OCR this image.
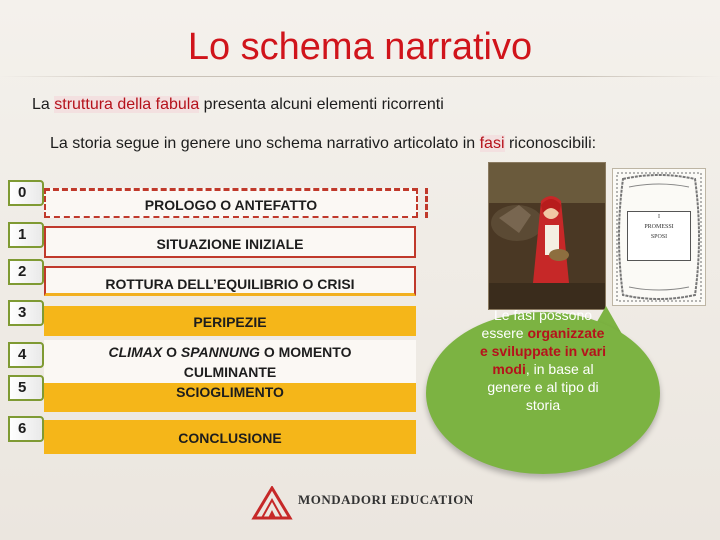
Lo schema narrativo
La struttura della fabula presenta alcuni elementi ricorrenti
La storia segue in genere uno schema narrativo articolato in fasi riconoscibili:
0
1
2
3
4
5
6
PROLOGO O ANTEFATTO
SITUAZIONE INIZIALE
ROTTURA DELL’EQUILIBRIO O CRISI
PERIPEZIE
CLIMAX O SPANNUNG O MOMENTO
CULMINANTE
SCIOGLIMENTO
CONCLUSIONE
I
PROMESSI
SPOSI
Le fasi possono
essere organizzate
e sviluppate in vari
modi, in base al
genere e al tipo di
storia
MONDADORI EDUCATION
